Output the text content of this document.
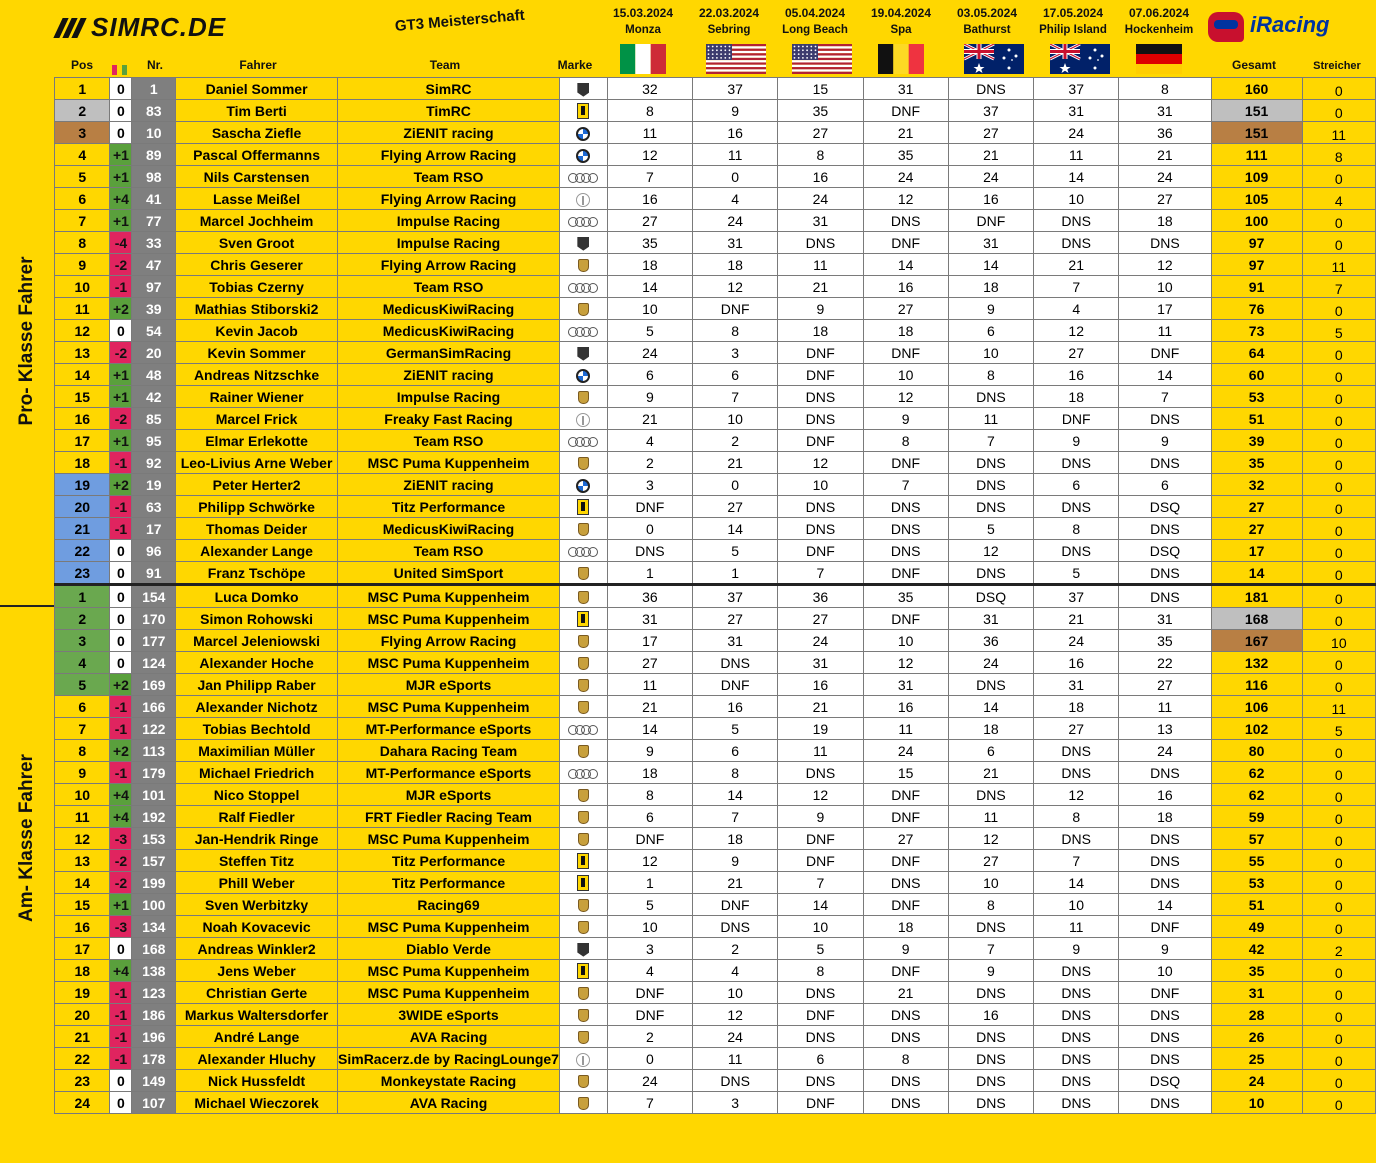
SIMRC.DE	GT3 Meisterschaft	iRacing
15.03.2024
Monza
22.03.2024
Sebring
05.04.2024
Long Beach
19.04.2024
Spa
03.05.2024
Bathurst
17.05.2024
Philip Island
07.06.2024
Hockenheim
Pos	Nr.	Fahrer	Team	Marke	Gesamt	Streicher
Pro- Klasse Fahrer
Am- Klasse Fahrer
1	0	1	Daniel Sommer	SimRC		32	37	15	31	DNS	37	8	160	0
2	0	83	Tim Berti	TimRC		8	9	35	DNF	37	31	31	151	0
3	0	10	Sascha Ziefle	ZiENIT racing		11	16	27	21	27	24	36	151	11
4	+1	89	Pascal Offermanns	Flying Arrow Racing		12	11	8	35	21	11	21	111	8
5	+1	98	Nils Carstensen	Team RSO		7	0	16	24	24	14	24	109	0
6	+4	41	Lasse Meißel	Flying Arrow Racing		16	4	24	12	16	10	27	105	4
7	+1	77	Marcel Jochheim	Impulse Racing		27	24	31	DNS	DNF	DNS	18	100	0
8	-4	33	Sven Groot	Impulse Racing		35	31	DNS	DNF	31	DNS	DNS	97	0
9	-2	47	Chris Geserer	Flying Arrow Racing		18	18	11	14	14	21	12	97	11
10	-1	97	Tobias Czerny	Team RSO		14	12	21	16	18	7	10	91	7
11	+2	39	Mathias Stiborski2	MedicusKiwiRacing		10	DNF	9	27	9	4	17	76	0
12	0	54	Kevin Jacob	MedicusKiwiRacing		5	8	18	18	6	12	11	73	5
13	-2	20	Kevin Sommer	GermanSimRacing		24	3	DNF	DNF	10	27	DNF	64	0
14	+1	48	Andreas Nitzschke	ZiENIT racing		6	6	DNF	10	8	16	14	60	0
15	+1	42	Rainer Wiener	Impulse Racing		9	7	DNS	12	DNS	18	7	53	0
16	-2	85	Marcel Frick	Freaky Fast Racing		21	10	DNS	9	11	DNF	DNS	51	0
17	+1	95	Elmar Erlekotte	Team RSO		4	2	DNF	8	7	9	9	39	0
18	-1	92	Leo-Livius Arne Weber	MSC Puma Kuppenheim		2	21	12	DNF	DNS	DNS	DNS	35	0
19	+2	19	Peter Herter2	ZiENIT racing		3	0	10	7	DNS	6	6	32	0
20	-1	63	Philipp Schwörke	Titz Performance		DNF	27	DNS	DNS	DNS	DNS	DSQ	27	0
21	-1	17	Thomas Deider	MedicusKiwiRacing		0	14	DNS	DNS	5	8	DNS	27	0
22	0	96	Alexander Lange	Team RSO		DNS	5	DNF	DNS	12	DNS	DSQ	17	0
23	0	91	Franz Tschöpe	United SimSport		1	1	7	DNF	DNS	5	DNS	14	0
1	0	154	Luca Domko	MSC Puma Kuppenheim		36	37	36	35	DSQ	37	DNS	181	0
2	0	170	Simon Rohowski	MSC Puma Kuppenheim		31	27	27	DNF	31	21	31	168	0
3	0	177	Marcel Jeleniowski	Flying Arrow Racing		17	31	24	10	36	24	35	167	10
4	0	124	Alexander Hoche	MSC Puma Kuppenheim		27	DNS	31	12	24	16	22	132	0
5	+2	169	Jan Philipp Raber	MJR eSports		11	DNF	16	31	DNS	31	27	116	0
6	-1	166	Alexander Nichotz	MSC Puma Kuppenheim		21	16	21	16	14	18	11	106	11
7	-1	122	Tobias Bechtold	MT-Performance eSports		14	5	19	11	18	27	13	102	5
8	+2	113	Maximilian Müller	Dahara Racing Team		9	6	11	24	6	DNS	24	80	0
9	-1	179	Michael Friedrich	MT-Performance eSports		18	8	DNS	15	21	DNS	DNS	62	0
10	+4	101	Nico Stoppel	MJR eSports		8	14	12	DNF	DNS	12	16	62	0
11	+4	192	Ralf Fiedler	FRT Fiedler Racing Team		6	7	9	DNF	11	8	18	59	0
12	-3	153	Jan-Hendrik Ringe	MSC Puma Kuppenheim		DNF	18	DNF	27	12	DNS	DNS	57	0
13	-2	157	Steffen Titz	Titz Performance		12	9	DNF	DNF	27	7	DNS	55	0
14	-2	199	Phill Weber	Titz Performance		1	21	7	DNS	10	14	DNS	53	0
15	+1	100	Sven Werbitzky	Racing69		5	DNF	14	DNF	8	10	14	51	0
16	-3	134	Noah Kovacevic	MSC Puma Kuppenheim		10	DNS	10	18	DNS	11	DNF	49	0
17	0	168	Andreas Winkler2	Diablo Verde		3	2	5	9	7	9	9	42	2
18	+4	138	Jens Weber	MSC Puma Kuppenheim		4	4	8	DNF	9	DNS	10	35	0
19	-1	123	Christian Gerte	MSC Puma Kuppenheim		DNF	10	DNS	21	DNS	DNS	DNF	31	0
20	-1	186	Markus Waltersdorfer	3WIDE eSports		DNF	12	DNF	DNS	16	DNS	DNS	28	0
21	-1	196	André Lange	AVA Racing		2	24	DNS	DNS	DNS	DNS	DNS	26	0
22	-1	178	Alexander Hluchy	SimRacerz.de by RacingLounge7		0	11	6	8	DNS	DNS	DNS	25	0
23	0	149	Nick Hussfeldt	Monkeystate Racing		24	DNS	DNS	DNS	DNS	DNS	DSQ	24	0
24	0	107	Michael Wieczorek	AVA Racing		7	3	DNF	DNS	DNS	DNS	DNS	10	0
